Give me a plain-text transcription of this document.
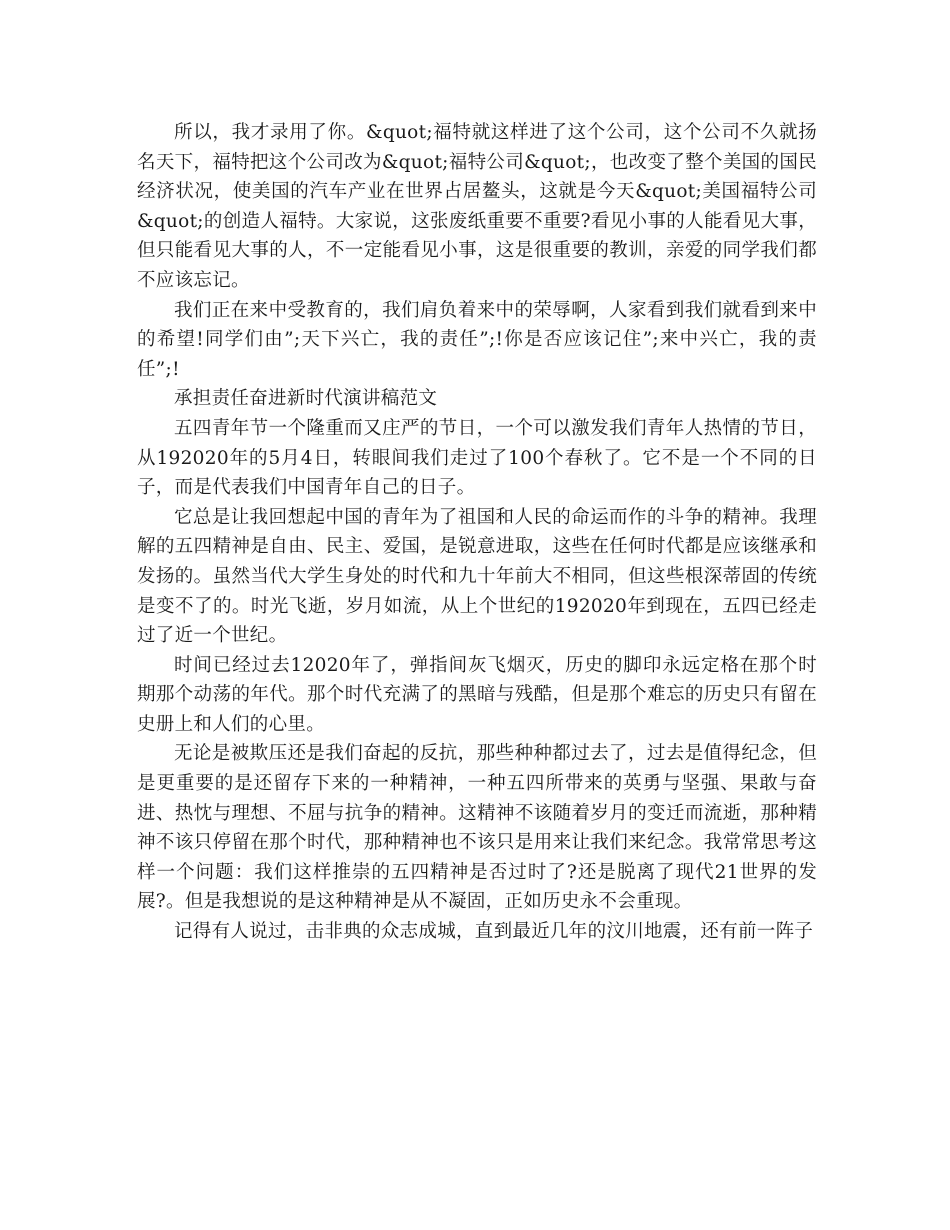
所以，我才录用了你。&quot;福特就这样进了这个公司，这个公司不久就扬名天下，福特把这个公司改为&quot;福特公司&quot;，也改变了整个美国的国民经济状况，使美国的汽车产业在世界占居鳌头，这就是今天&quot;美国福特公司&quot;的创造人福特。大家说，这张废纸重要不重要?看见小事的人能看见大事，但只能看见大事的人，不一定能看见小事，这是很重要的教训，亲爱的同学我们都不应该忘记。

我们正在来中受教育的，我们肩负着来中的荣辱啊，人家看到我们就看到来中的希望!同学们由”;天下兴亡，我的责任”;!你是否应该记住”;来中兴亡，我的责任”;!

承担责任奋进新时代演讲稿范文

五四青年节一个隆重而又庄严的节日，一个可以激发我们青年人热情的节日，从192020年的5月4日，转眼间我们走过了100个春秋了。它不是一个不同的日子，而是代表我们中国青年自己的日子。

它总是让我回想起中国的青年为了祖国和人民的命运而作的斗争的精神。我理解的五四精神是自由、民主、爱国，是锐意进取，这些在任何时代都是应该继承和发扬的。虽然当代大学生身处的时代和九十年前大不相同，但这些根深蒂固的传统是变不了的。时光飞逝，岁月如流，从上个世纪的192020年到现在，五四已经走过了近一个世纪。

时间已经过去12020年了，弹指间灰飞烟灭，历史的脚印永远定格在那个时期那个动荡的年代。那个时代充满了的黑暗与残酷，但是那个难忘的历史只有留在史册上和人们的心里。

无论是被欺压还是我们奋起的反抗，那些种种都过去了，过去是值得纪念，但是更重要的是还留存下来的一种精神，一种五四所带来的英勇与坚强、果敢与奋进、热忱与理想、不屈与抗争的精神。这精神不该随着岁月的变迁而流逝，那种精神不该只停留在那个时代，那种精神也不该只是用来让我们来纪念。我常常思考这样一个问题：我们这样推崇的五四精神是否过时了?还是脱离了现代21世界的发展?。但是我想说的是这种精神是从不凝固，正如历史永不会重现。

记得有人说过，击非典的众志成城，直到最近几年的汶川地震，还有前一阵子
